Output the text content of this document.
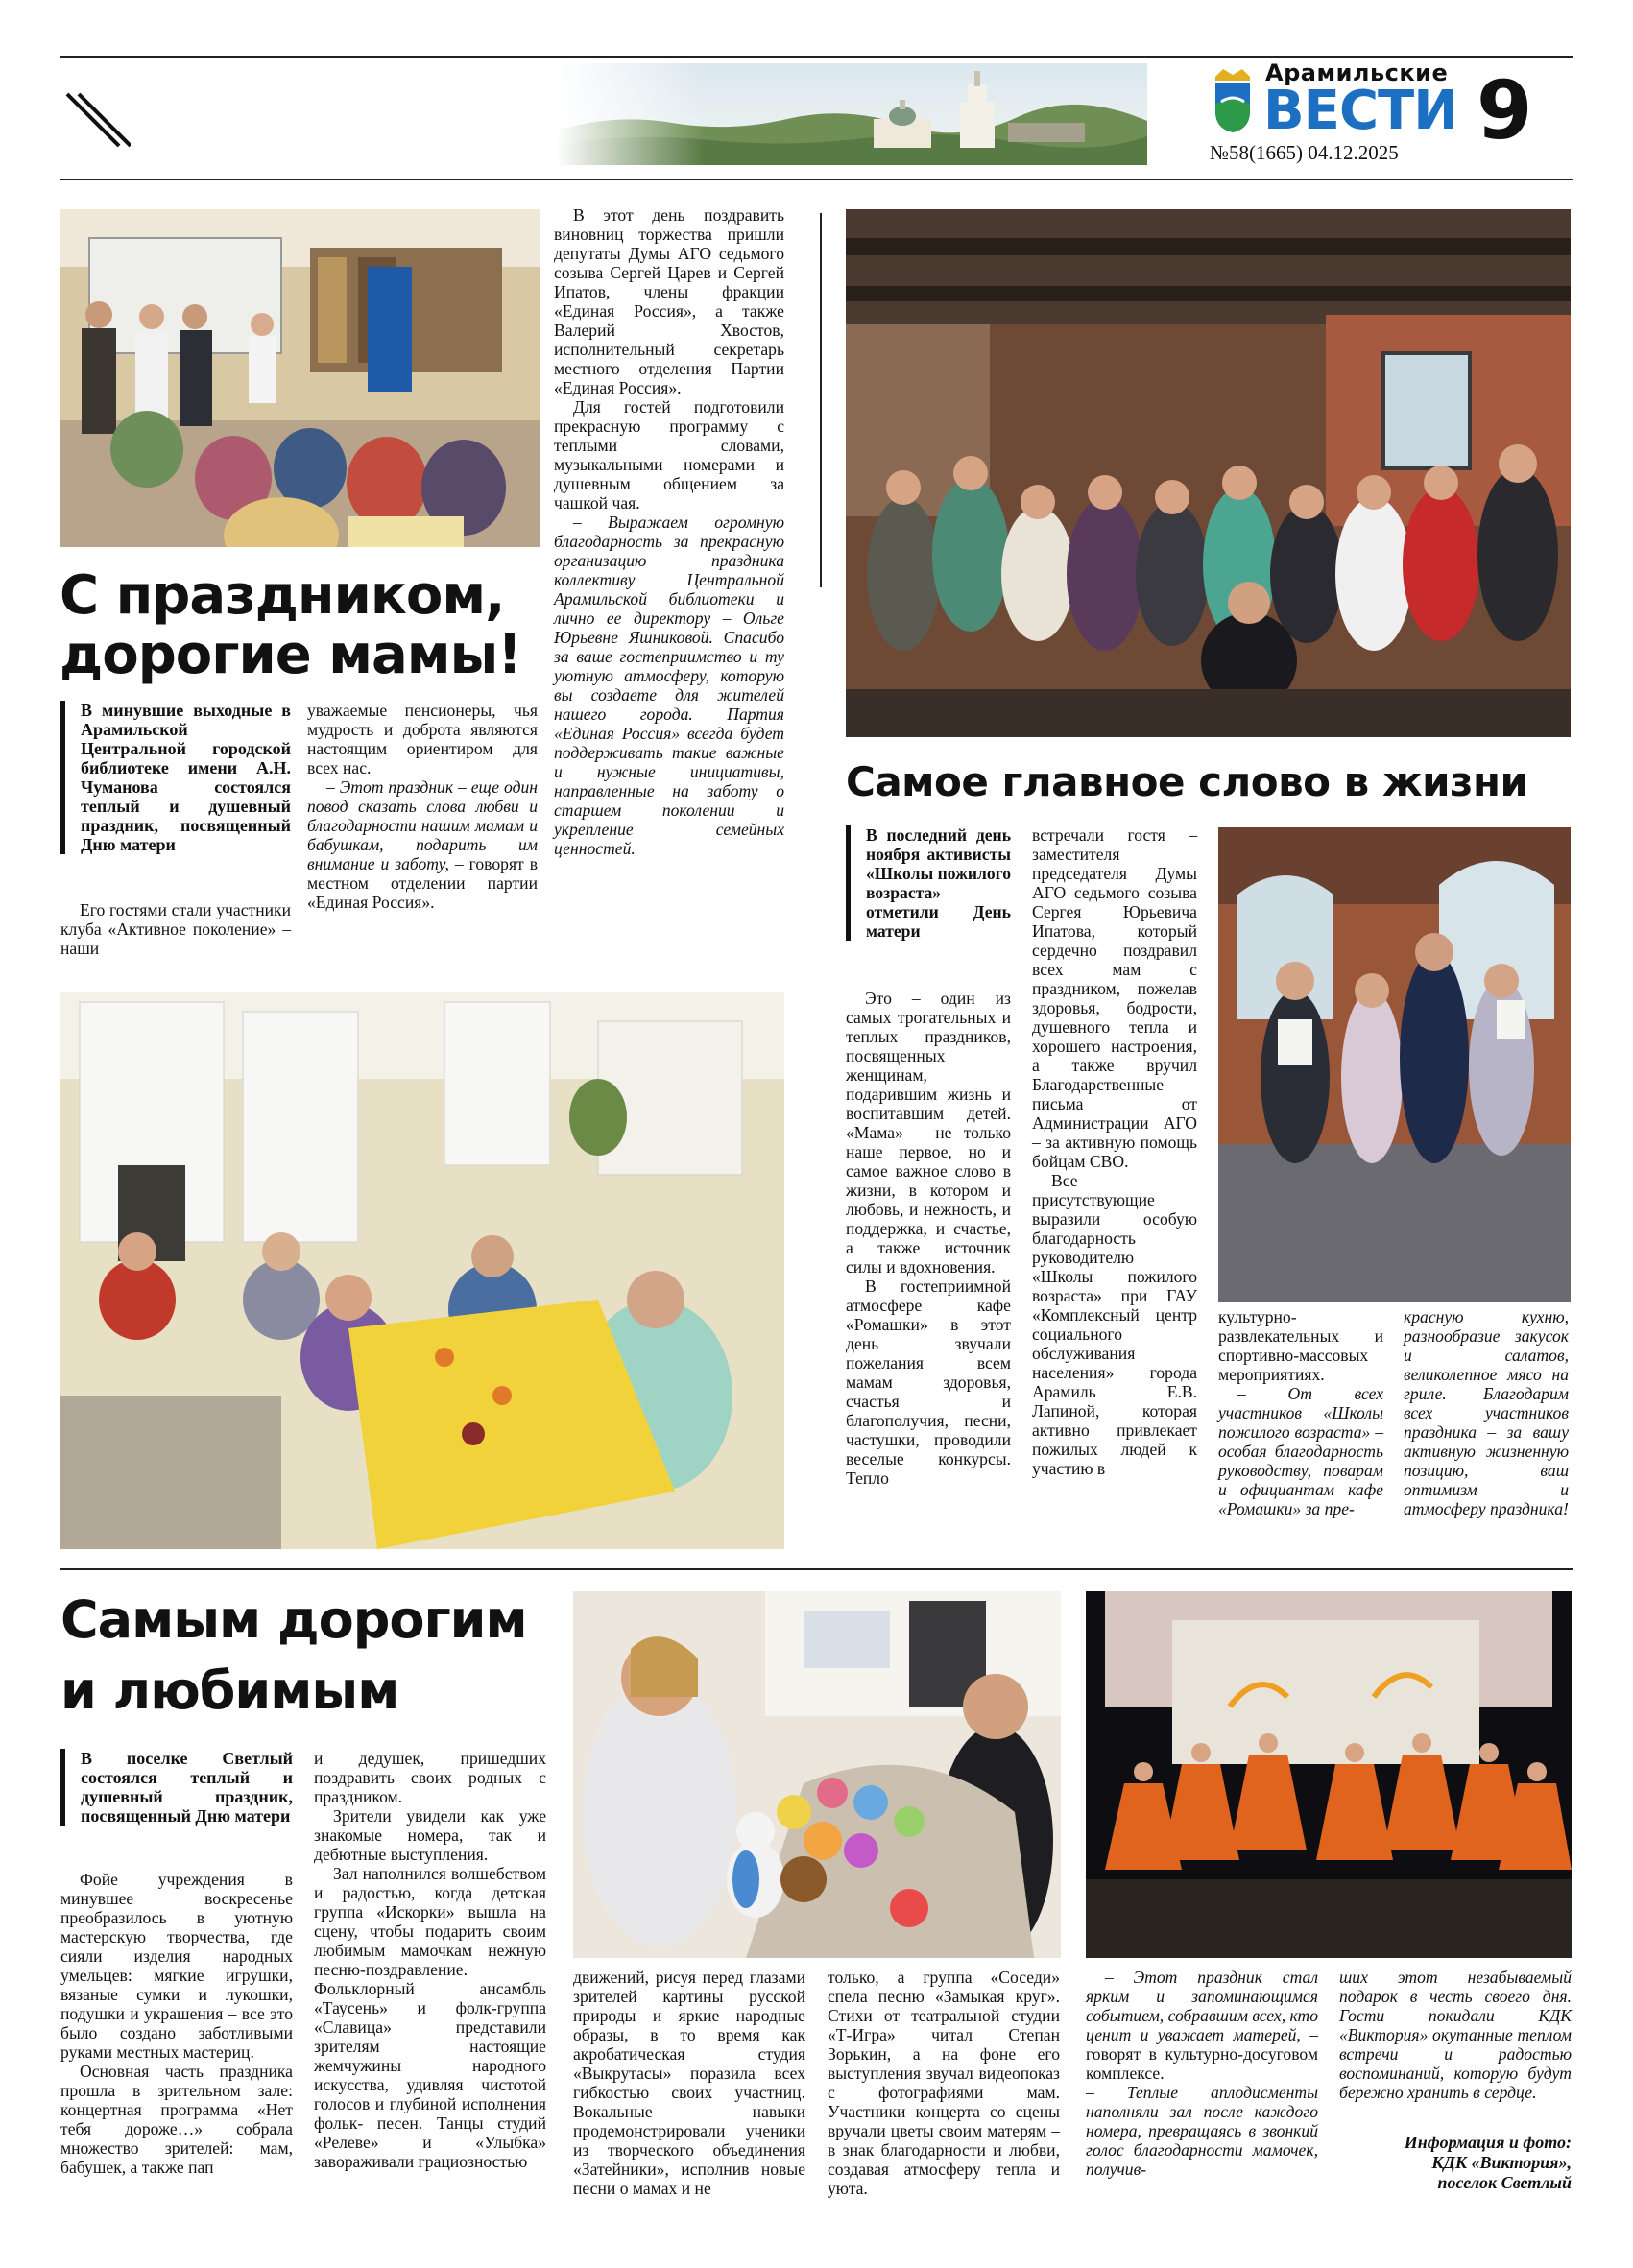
Арамильские
ВЕСТИ
№58(1665) 04.12.2025 9
С праздником,
дорогие мамы!
В минувшие выходные в Арамильской Центральной городской библиотеке имени А.Н. Чуманова состоялся теплый и душевный праздник, посвященный Дню матери

Его гостями стали участники клуба «Активное поколение» – наши

уважаемые пенсионеры, чья мудрость и доброта являются настоящим ориентиром для всех нас.

– Этот праздник – еще один повод сказать слова любви и благодарности нашим мамам и бабушкам, подарить им внимание и заботу, – говорят в местном отделении партии «Единая Россия».

В этот день поздравить виновниц торжества пришли депутаты Думы АГО седьмого созыва Сергей Царев и Сергей Ипатов, члены фракции «Единая Россия», а также Валерий Хвостов, исполнительный секретарь местного отделения Партии «Единая Россия».

Для гостей подготовили прекрасную программу с теплыми словами, музыкальными номерами и душевным общением за чашкой чая.

– Выражаем огромную благодарность за прекрасную организацию праздника коллективу Центральной Арамильской библиотеки и лично ее директору – Ольге Юрьевне Яшниковой. Спасибо за ваше гостеприимство и ту уютную атмосферу, которую вы создаете для жителей нашего города. Партия «Единая Россия» всегда будет поддерживать такие важные и нужные инициативы, направленные на заботу о старшем поколении и укрепление семейных ценностей.

Самое главное слово в жизни
В последний день ноября активисты «Школы пожилого возраста» отметили День матери

Это – один из самых трогательных и теплых праздников, посвященных женщинам, подарившим жизнь и воспитавшим детей. «Мама» – не только наше первое, но и самое важное слово в жизни, в котором и любовь, и нежность, и поддержка, и счастье, а также источник силы и вдохновения.

В гостеприимной атмосфере кафе «Ромашки» в этот день звучали пожелания всем мамам здоровья, счастья и благополучия, песни, частушки, проводили веселые конкурсы. Тепло

встречали гостя – заместителя председателя Думы АГО седьмого созыва Сергея Юрьевича Ипатова, который сердечно поздравил всех мам с праздником, пожелав здоровья, бодрости, душевного тепла и хорошего настроения, а также вручил Благодарственные письма от Администрации АГО – за активную помощь бойцам СВО.

Все присутствующие выразили особую благодарность руководителю «Школы пожилого возраста» при ГАУ «Комплексный центр социального обслуживания населения» города Арамиль Е.В. Лапиной, которая активно привлекает пожилых людей к участию в

культурно-развлекательных и спортивно-массовых мероприятиях.

– От всех участников «Школы пожилого возраста» – особая благодарность руководству, поварам и официантам кафе «Ромашки» за пре-

красную кухню, разнообразие закусок и салатов, великолепное мясо на гриле. Благодарим всех участников праздника – за вашу активную жизненную позицию, ваш оптимизм и атмосферу праздника!

Самым дорогим
и любимым
В поселке Светлый состоялся теплый и душевный праздник, посвященный Дню матери

Фойе учреждения в минувшее воскресенье преобразилось в уютную мастерскую творчества, где сияли изделия народных умельцев: мягкие игрушки, вязаные сумки и лукошки, подушки и украшения – все это было создано заботливыми руками местных мастериц.

Основная часть праздника прошла в зрительном зале: концертная программа «Нет тебя дороже…» собрала множество зрителей: мам, бабушек, а также пап

и дедушек, пришедших поздравить своих родных с праздником.

Зрители увидели как уже знакомые номера, так и дебютные выступления.

Зал наполнился волшебством и радостью, когда детская группа «Искорки» вышла на сцену, чтобы подарить своим любимым мамочкам нежную песню-поздравление. Фольклорный ансамбль «Таусень» и фолк-группа «Славица» представили зрителям настоящие жемчужины народного искусства, удивляя чистотой голосов и глубиной исполнения фольк- песен. Танцы студий «Релеве» и «Улыбка» завораживали грациозностью

движений, рисуя перед глазами зрителей картины русской природы и яркие народные образы, в то время как акробатическая студия «Выкрутасы» поразила всех гибкостью своих участниц. Вокальные навыки продемонстрировали ученики из творческого объединения «Затейники», исполнив новые песни о мамах и не

только, а группа «Соседи» спела песню «Замыкая круг». Стихи от театральной студии «Т-Игра» читал Степан Зорькин, а на фоне его выступления звучал видеопоказ с фотографиями мам. Участники концерта со сцены вручали цветы своим матерям – в знак благодарности и любви, создавая атмосферу тепла и уюта.

– Этот праздник стал ярким и запоминающимся событием, собравшим всех, кто ценит и уважает матерей, – говорят в культурно-досуговом комплексе.

– Теплые аплодисменты наполняли зал после каждого номера, превращаясь в звонкий голос благодарности мамочек, получив-

ших этот незабываемый подарок в честь своего дня. Гости покидали КДК «Виктория» окутанные теплом встречи и радостью воспоминаний, которую будут бережно хранить в сердце.

Информация и фото:
КДК «Виктория»,
поселок Светлый
